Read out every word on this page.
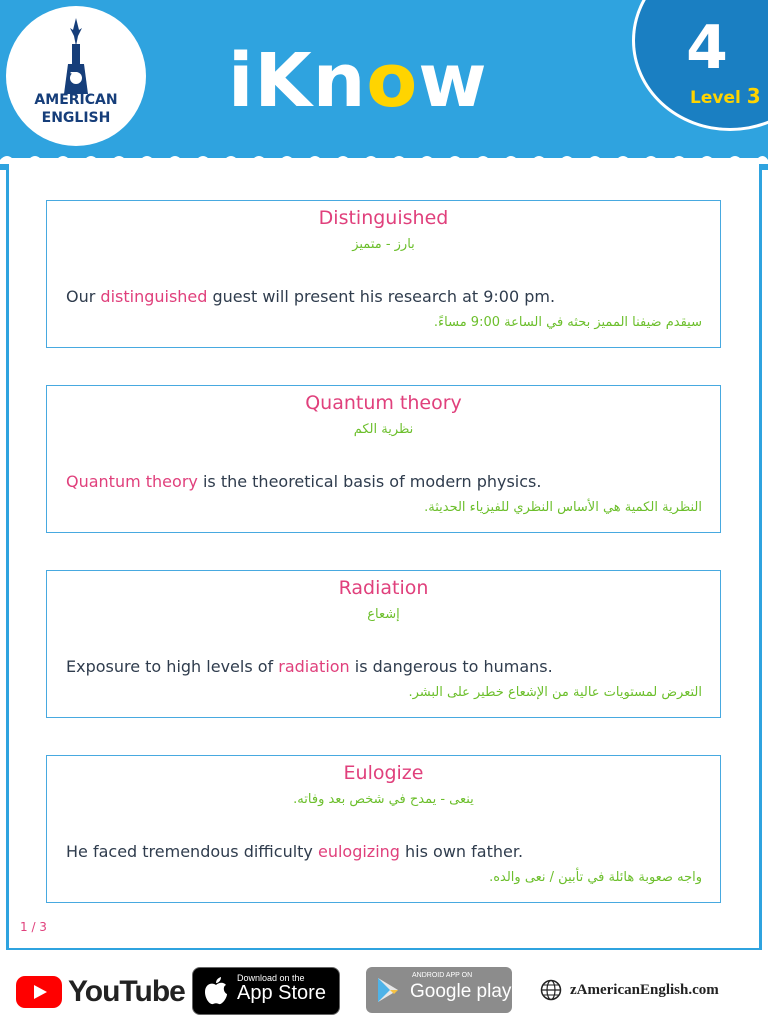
AMERICAN
ENGLISH
Z iKnow	4
Level 3
Distinguished
بارز - متميز
Our distinguished guest will present his research at 9:00 pm.
سيقدم ضيفنا المميز بحثه في الساعة 9:00 مساءً.
Quantum theory
نظرية الكم
Quantum theory is the theoretical basis of modern physics.
النظرية الكمية هي الأساس النظري للفيزياء الحديثة.
Radiation
إشعاع
Exposure to high levels of radiation is dangerous to humans.
التعرض لمستويات عالية من الإشعاع خطير على البشر.
Eulogize
ينعى - يمدح في شخص بعد وفاته.
He faced tremendous difficulty eulogizing his own father.
واجه صعوبة هائلة في تأبين / نعى والده.
1 / 3
YouTube	Download on the
App Store
ANDROID APP ON
Google play	zAmericanEnglish.com
